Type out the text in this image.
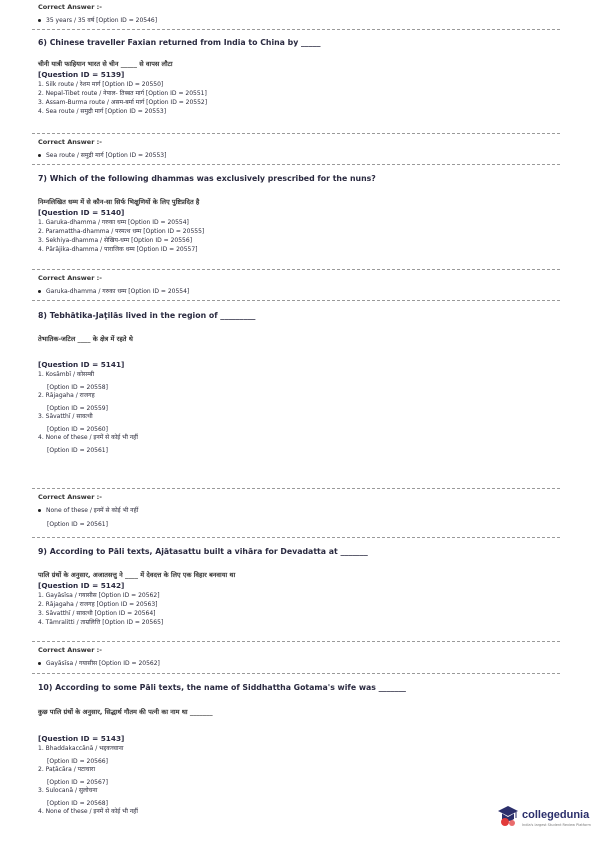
Correct Answer :-
35 years / 35 वर्ष [Option ID = 20546]
6) Chinese traveller Faxian returned from India to China by _____
चीनी यात्री फाहियान भारत से चीन _____ से वापस लौटा
[Question ID = 5139]
1. Silk route / रेशम मार्ग [Option ID = 20550]
2. Nepal-Tibet route / नेपाल- तिब्बत मार्ग [Option ID = 20551]
3. Assam-Burma route / असम-बर्मा मार्ग [Option ID = 20552]
4. Sea route / समुद्री मार्ग [Option ID = 20553]
Correct Answer :-
Sea route / समुद्री मार्ग [Option ID = 20553]
7) Which of the following dhammas was exclusively prescribed for the nuns?
निम्नलिखित धम्म में से कौन-सा सिर्फ भिक्षुणियों के लिए पुष्टिप्रदित है
[Question ID = 5140]
1. Garuka-dhamma / गरुका धम्म [Option ID = 20554]
2. Paramattha-dhamma / परमत्थ धम्म [Option ID = 20555]
3. Sekhiya-dhamma / सेखिय-धम्म [Option ID = 20556]
4. Pārājika-dhamma / पाराजिक धम्म [Option ID = 20557]
Correct Answer :-
Garuka-dhamma / गरुका धम्म [Option ID = 20554]
8) Tebhātika-Jaṭilās lived in the region of _________
तेभातिक-जटिल ____ के क्षेत्र में रहते थे
[Question ID = 5141]
1. Kosāmbī / कोसम्बी
[Option ID = 20558]
2. Rājagaha / राजगह
[Option ID = 20559]
3. Sāvatthī / सावत्थी
[Option ID = 20560]
4. None of these / इनमें से कोई भी नहीं
[Option ID = 20561]
Correct Answer :-
None of these / इनमें से कोई भी नहीं
[Option ID = 20561]
9) According to Pāli texts, Ajātasattu built a vihāra for Devadatta at _______
पालि ग्रंथों के अनुसार, अजातसत्तु ने ____ में देवदत्त के लिए एक विहार बनवाया था
[Question ID = 5142]
1. Gayāsīsa / गयासीस [Option ID = 20562]
2. Rājagaha / राजगह [Option ID = 20563]
3. Sāvatthī / सावत्थी [Option ID = 20564]
4. Tāmralitti / ताम्रलित्ति [Option ID = 20565]
Correct Answer :-
Gayāsīsa / गयासीस [Option ID = 20562]
10) According to some Pāli texts, the name of Siddhattha Gotama's wife was _______
कुछ पालि ग्रंथों के अनुसार, सिद्धार्थ गौतम की पत्नी का नाम था _______
[Question ID = 5143]
1. Bhaddakaccānā / भद्दकच्चाना
[Option ID = 20566]
2. Paṭācāra / पटाचारा
[Option ID = 20567]
3. Sulocanā / सुलोचना
[Option ID = 20568]
4. None of these / इनमें से कोई भी नहीं	collegedunia
India's largest Student Review Platform
